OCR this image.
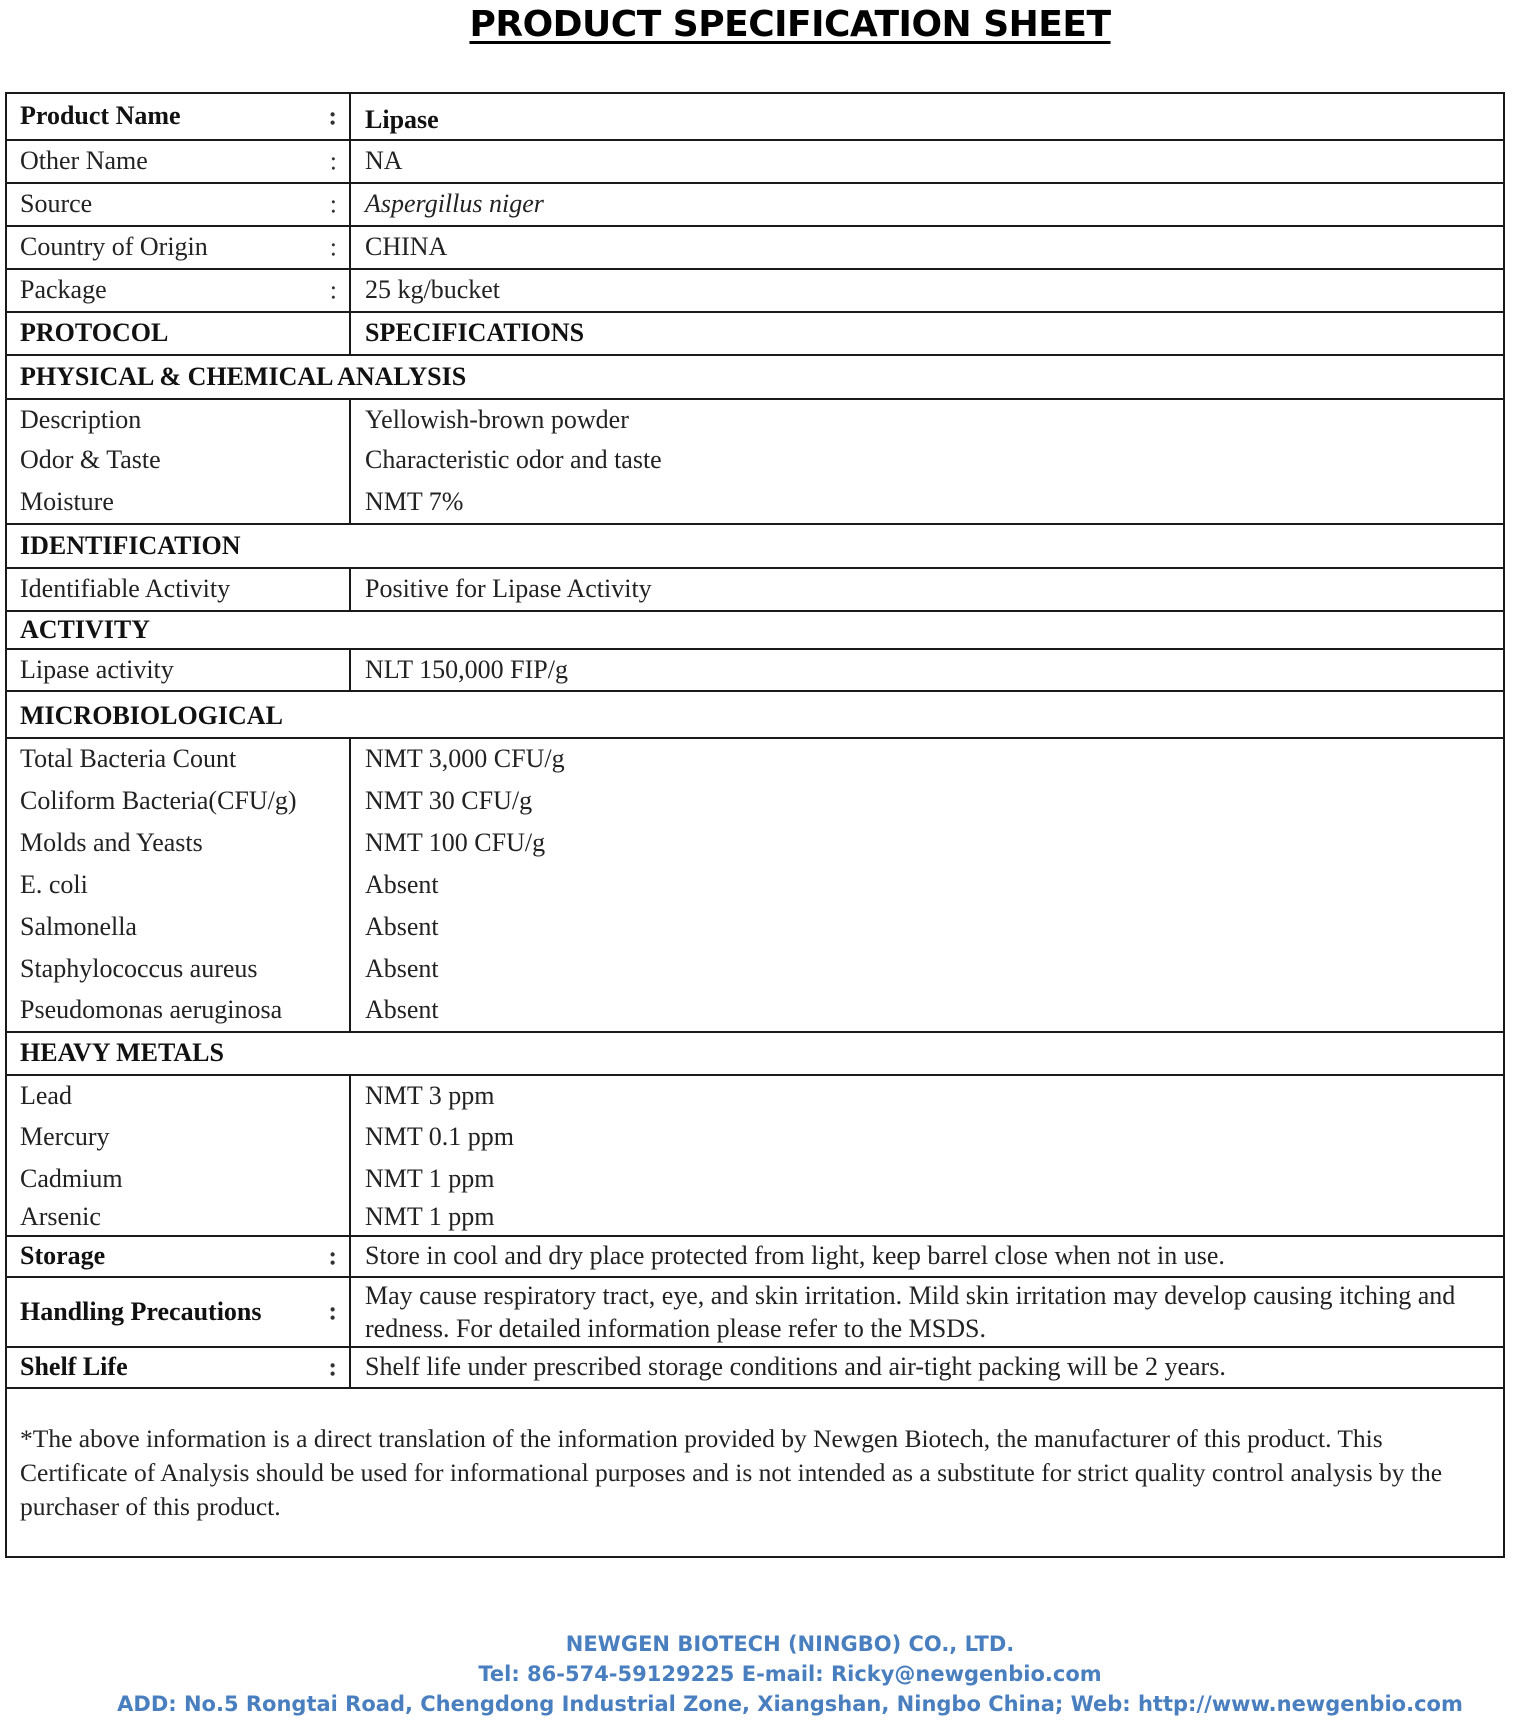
PRODUCT SPECIFICATION SHEET
Product Name :	Lipase
Other Name :	NA
Source :	Aspergillus niger
Country of Origin :	CHINA
Package :	25 kg/bucket
PROTOCOL	SPECIFICATIONS
PHYSICAL & CHEMICAL ANALYSIS	
Description	Yellowish-brown powder
Odor & Taste	Characteristic odor and taste
Moisture	NMT 7%
IDENTIFICATION	
Identifiable Activity	Positive for Lipase Activity
ACTIVITY	
Lipase activity	NLT 150,000 FIP/g
MICROBIOLOGICAL	
Total Bacteria Count	NMT 3,000 CFU/g
Coliform Bacteria(CFU/g)	NMT 30 CFU/g
Molds and Yeasts	NMT 100 CFU/g
E. coli	Absent
Salmonella	Absent
Staphylococcus aureus	Absent
Pseudomonas aeruginosa	Absent
HEAVY METALS	
Lead	NMT 3 ppm
Mercury	NMT 0.1 ppm
Cadmium	NMT 1 ppm
Arsenic	NMT 1 ppm
Storage :	Store in cool and dry place protected from light, keep barrel close when not in use.
Handling Precautions :	May cause respiratory tract, eye, and skin irritation. Mild skin irritation may develop causing itching and redness. For detailed information please refer to the MSDS.
Shelf Life :	Shelf life under prescribed storage conditions and air-tight packing will be 2 years.
*The above information is a direct translation of the information provided by Newgen Biotech, the manufacturer of this product. This Certificate of Analysis should be used for informational purposes and is not intended as a substitute for strict quality control analysis by the purchaser of this product.
NEWGEN BIOTECH (NINGBO) CO., LTD.
Tel: 86-574-59129225 E-mail: Ricky@newgenbio.com
ADD: No.5 Rongtai Road, Chengdong Industrial Zone, Xiangshan, Ningbo China; Web: http://www.newgenbio.com
